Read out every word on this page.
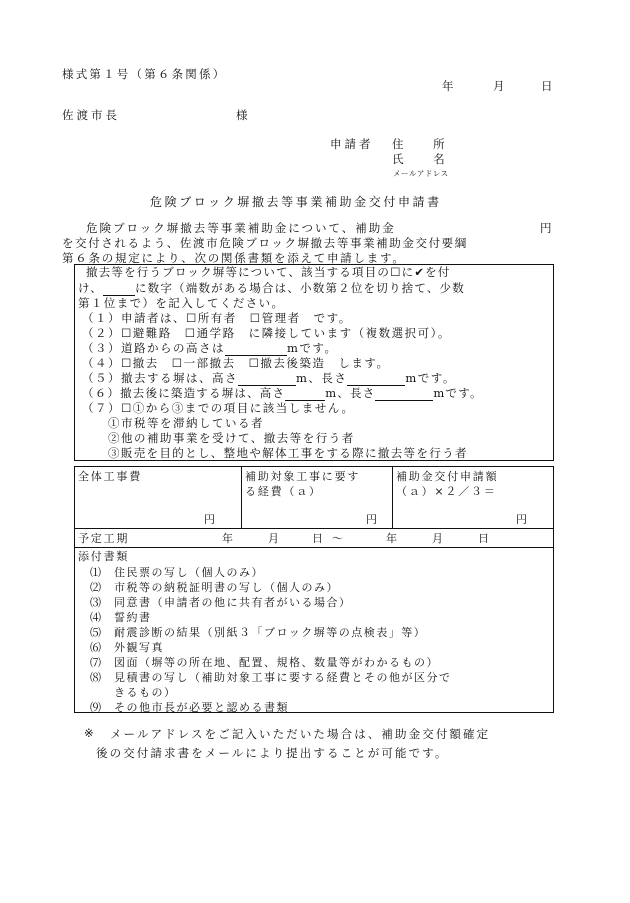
様式第１号（第６条関係）
年	月	日
佐渡市長	様
申請者 住　　所
氏　　名
メールアドレス
危険ブロック塀撤去等事業補助金交付申請書
危険ブロック塀撤去等事業補助金について、補助金	円
を交付されるよう、佐渡市危険ブロック塀撤去等事業補助金交付要綱
第６条の規定により、次の関係書類を添えて申請します。
撤去等を行うブロック塀等について、該当する項目の☐に✔を付
け、	に数字（端数がある場合は、小数第２位を切り捨て、少数
第１位まで）を記入してください。
（１）申請者は、☐所有者　☐管理者　です。
（２）☐避難路　☐通学路　に隣接しています（複数選択可）。
（３）道路からの高さは	mです。
（４）☐撤去　☐一部撤去　☐撤去後築造　します。
（５）撤去する塀は、高さ	m、長さ	mです。
（６）撤去後に築造する塀は、高さ	m、長さ	mです。
（７）☐①から③までの項目に該当しません。
①市税等を滞納している者
②他の補助事業を受けて、撤去等を行う者
③販売を目的とし、整地や解体工事をする際に撤去等を行う者
全体工事費
円
補助対象工事に要す
る経費（ａ）
円
補助金交付申請額
（ａ）×２／３＝
円
予定工期	年	月	日 ～	年	月	日
添付書類
⑴ 住民票の写し（個人のみ）
⑵ 市税等の納税証明書の写し（個人のみ）
⑶ 同意書（申請者の他に共有者がいる場合）
⑷ 誓約書
⑸ 耐震診断の結果（別紙３「ブロック塀等の点検表」等）
⑹ 外観写真
⑺ 図面（塀等の所在地、配置、規格、数量等がわかるもの）
⑻ 見積書の写し（補助対象工事に要する経費とその他が区分で
きるもの）
⑼ その他市長が必要と認める書類
※ メールアドレスをご記入いただいた場合は、補助金交付額確定
後の交付請求書をメールにより提出することが可能です。
